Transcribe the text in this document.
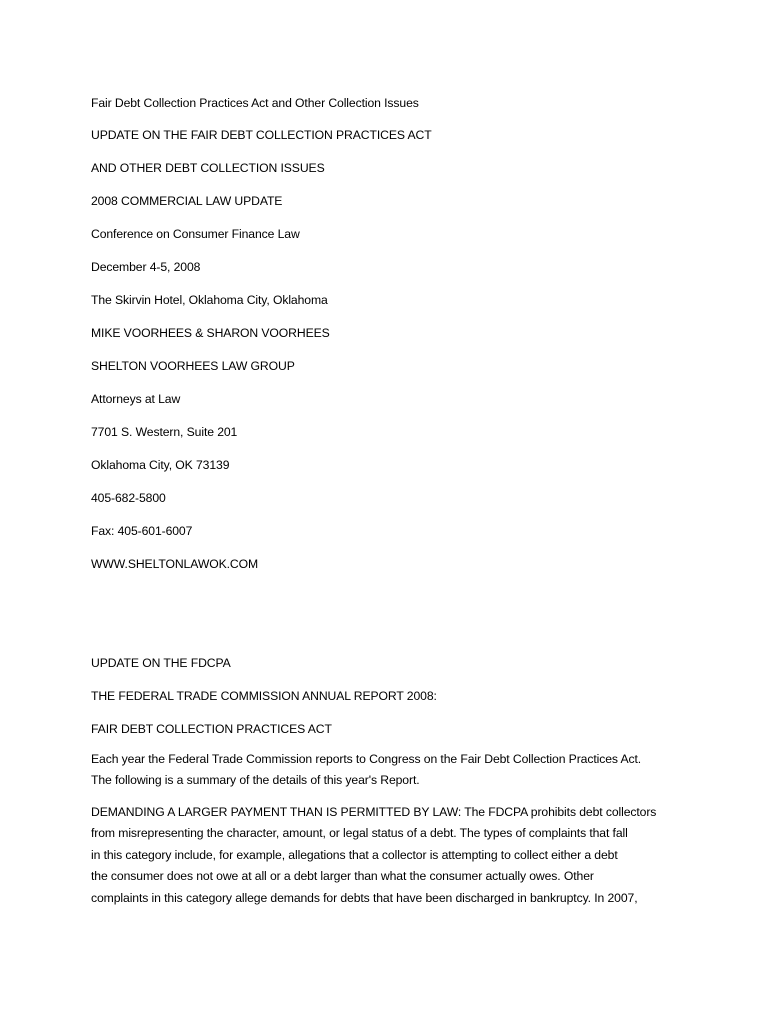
Fair Debt Collection Practices Act and Other Collection Issues

UPDATE ON THE FAIR DEBT COLLECTION PRACTICES ACT

AND OTHER DEBT COLLECTION ISSUES

2008 COMMERCIAL LAW UPDATE

Conference on Consumer Finance Law

December 4-5, 2008

The Skirvin Hotel, Oklahoma City, Oklahoma

MIKE VOORHEES & SHARON VOORHEES

SHELTON VOORHEES LAW GROUP

Attorneys at Law

7701 S. Western, Suite 201

Oklahoma City, OK 73139

405-682-5800

Fax: 405-601-6007

WWW.SHELTONLAWOK.COM

UPDATE ON THE FDCPA

THE FEDERAL TRADE COMMISSION ANNUAL REPORT 2008:

FAIR DEBT COLLECTION PRACTICES ACT

Each year the Federal Trade Commission reports to Congress on the Fair Debt Collection Practices Act.
The following is a summary of the details of this year's Report.
DEMANDING A LARGER PAYMENT THAN IS PERMITTED BY LAW: The FDCPA prohibits debt collectors
from misrepresenting the character, amount, or legal status of a debt. The types of complaints that fall
in this category include, for example, allegations that a collector is attempting to collect either a debt
the consumer does not owe at all or a debt larger than what the consumer actually owes. Other
complaints in this category allege demands for debts that have been discharged in bankruptcy. In 2007,
